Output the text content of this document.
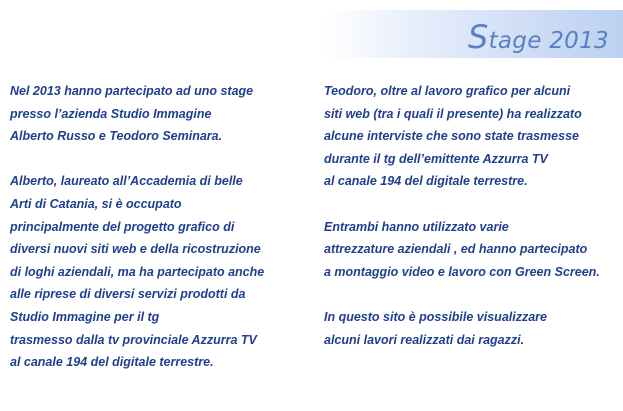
Stage 2013
Nel 2013 hanno partecipato ad uno stage
presso l’azienda Studio Immagine
Alberto Russo e Teodoro Seminara.
Alberto, laureato all’Accademia di belle
Arti di Catania, si è occupato
principalmente del progetto grafico di
diversi nuovi siti web e della ricostruzione
di loghi aziendali, ma ha partecipato anche
alle riprese di diversi servizi prodotti da
Studio Immagine per il tg
trasmesso dalla tv provinciale Azzurra TV
al canale 194 del digitale terrestre.
Teodoro, oltre al lavoro grafico per alcuni
siti web (tra i quali il presente) ha realizzato
alcune interviste che sono state trasmesse
durante il tg dell’emittente Azzurra TV
al canale 194 del digitale terrestre.
Entrambi hanno utilizzato varie
attrezzature aziendali , ed hanno partecipato
a montaggio video e lavoro con Green Screen.
In questo sito è possibile visualizzare
alcuni lavori realizzati dai ragazzi.
